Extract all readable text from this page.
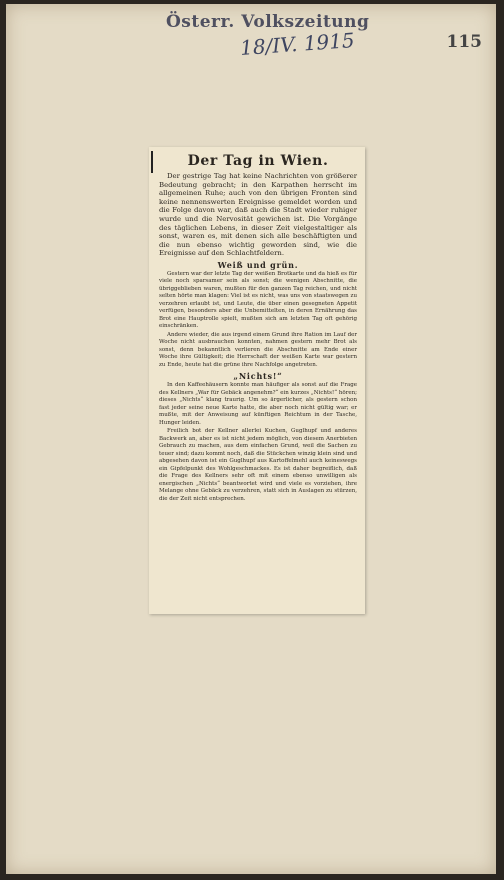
Österr. Volkszeitung
18/IV. 1915	115
Der Tag in Wien.

Der gestrige Tag hat keine Nachrichten von größerer Bedeutung gebracht; in den Karpathen herrscht im allgemeinen Ruhe; auch von den übrigen Fronten sind keine nennenswerten Ereignisse gemeldet worden und die Folge davon war, daß auch die Stadt wieder ruhiger wurde und die Nervosität gewichen ist. Die Vorgänge des täglichen Lebens, in dieser Zeit vielgestaltiger als sonst, waren es, mit denen sich alle beschäftigten und die nun ebenso wichtig geworden sind, wie die Ereignisse auf den Schlachtfeldern.

Weiß und grün.

Gestern war der letzte Tag der weißen Brotkarte und da hieß es für viele noch sparsamer sein als sonst; die wenigen Abschnitte, die übriggeblieben waren, mußten für den ganzen Tag reichen, und nicht selten hörte man klagen: Viel ist es nicht, was uns von staatswegen zu verzehren erlaubt ist, und Leute, die über einen gesegneten Appetit verfügen, besonders aber die Unbemittelten, in deren Ernährung das Brot eine Hauptrolle spielt, mußten sich am letzten Tag oft gehörig einschränken.

Andere wieder, die aus irgend einem Grund ihre Ration im Lauf der Woche nicht ausbrauchen konnten, nahmen gestern mehr Brot als sonst, denn bekanntlich verlieren die Abschnitte am Ende einer Woche ihre Gültigkeit; die Herrschaft der weißen Karte war gestern zu Ende, heute hat die grüne ihre Nachfolge angetreten.

„Nichts!“

In den Kaffeehäusern konnte man häufiger als sonst auf die Frage des Kellners „War für Gebäck angenehm?“ ein kurzes „Nichts!“ hören; dieses „Nichts“ klang traurig. Um so ärgerlicher, als gestern schon fast jeder seine neue Karte hatte, die aber noch nicht gültig war; er mußte, mit der Anweisung auf künftigen Reichtum in der Tasche, Hunger leiden.

Freilich bot der Kellner allerlei Kuchen, Guglhupf und anderes Backwerk an, aber es ist nicht jedem möglich, von diesem Anerbieten Gebrauch zu machen, aus dem einfachen Grund, weil die Sachen zu teuer sind; dazu kommt noch, daß die Stückchen winzig klein sind und abgesehen davon ist ein Guglhupf aus Kartoffelmehl auch keineswegs ein Gipfelpunkt des Wohlgeschmackes. Es ist daher begreiflich, daß die Frage des Kellners sehr oft mit einem ebenso unwilligen als energischen „Nichts“ beantwortet wird und viele es vorziehen, ihre Melange ohne Gebäck zu verzehren, statt sich in Auslagen zu stürzen, die der Zeit nicht entsprechen.
